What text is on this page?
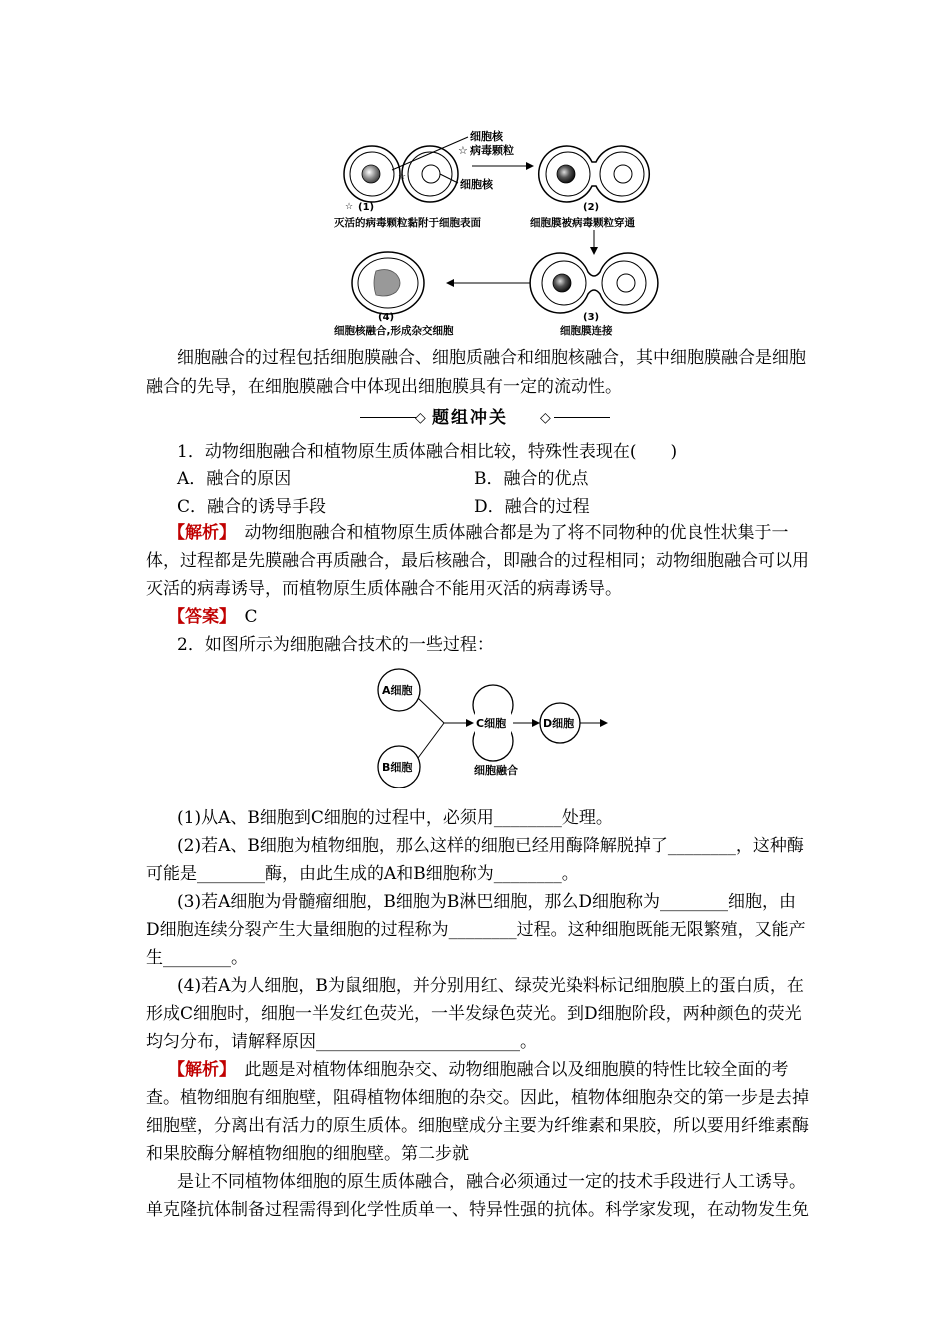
☆
☆
细胞核
☆ 病毒颗粒
细胞核
(1)
灭活的病毒颗粒黏附于细胞表面
(2)
细胞膜被病毒颗粒穿通
(3)
细胞膜连接
(4)
细胞核融合,形成杂交细胞
细胞融合的过程包括细胞膜融合、细胞质融合和细胞核融合，其中细胞膜融合是细胞
融合的先导，在细胞膜融合中体现出细胞膜具有一定的流动性。
◇ 题组冲关 ◇
1．动物细胞融合和植物原生质体融合相比较，特殊性表现在(　　)
A．融合的原因	B．融合的优点
C．融合的诱导手段	D．融合的过程
【解析】　动物细胞融合和植物原生质体融合都是为了将不同物种的优良性状集于一
体，过程都是先膜融合再质融合，最后核融合，即融合的过程相同；动物细胞融合可以用
灭活的病毒诱导，而植物原生质体融合不能用灭活的病毒诱导。
【答案】　C
2．如图所示为细胞融合技术的一些过程：
A细胞
B细胞
C细胞	D细胞
细胞融合
(1)从A、B细胞到C细胞的过程中，必须用________处理。
(2)若A、B细胞为植物细胞，那么这样的细胞已经用酶降解脱掉了________，这种酶
可能是________酶，由此生成的A和B细胞称为________。
(3)若A细胞为骨髓瘤细胞，B细胞为B淋巴细胞，那么D细胞称为________细胞，由
D细胞连续分裂产生大量细胞的过程称为________过程。这种细胞既能无限繁殖，又能产
生________。
(4)若A为人细胞，B为鼠细胞，并分别用红、绿荧光染料标记细胞膜上的蛋白质，在
形成C细胞时，细胞一半发红色荧光，一半发绿色荧光。到D细胞阶段，两种颜色的荧光
均匀分布，请解释原因________________________。
【解析】　此题是对植物体细胞杂交、动物细胞融合以及细胞膜的特性比较全面的考
查。植物细胞有细胞壁，阻碍植物体细胞的杂交。因此，植物体细胞杂交的第一步是去掉
细胞壁，分离出有活力的原生质体。细胞壁成分主要为纤维素和果胶，所以要用纤维素酶
和果胶酶分解植物细胞的细胞壁。第二步就
是让不同植物体细胞的原生质体融合，融合必须通过一定的技术手段进行人工诱导。
单克隆抗体制备过程需得到化学性质单一、特异性强的抗体。科学家发现，在动物发生免
